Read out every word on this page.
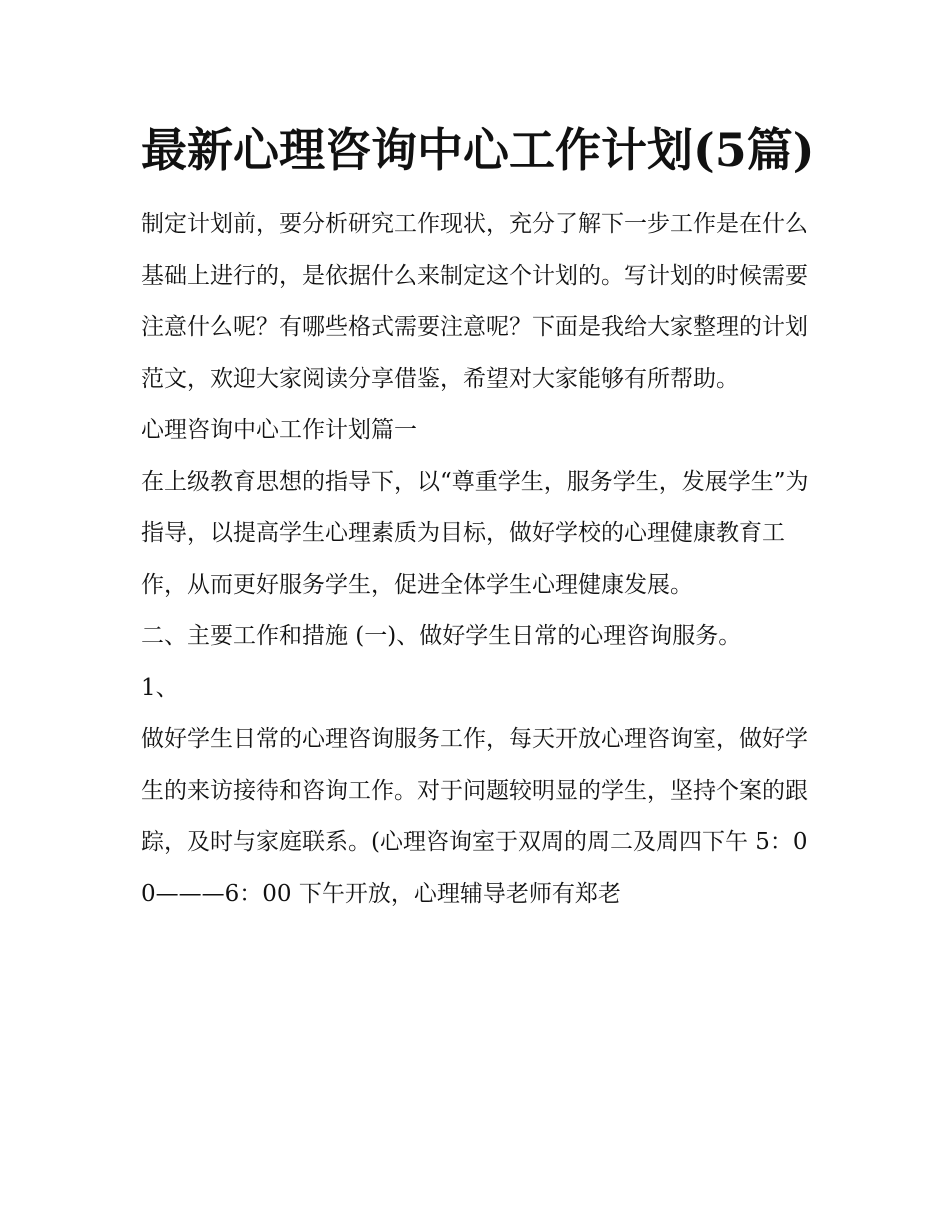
最新心理咨询中心工作计划(5篇)

制定计划前，要分析研究工作现状，充分了解下一步工作是在什么基础上进行的，是依据什么来制定这个计划的。写计划的时候需要注意什么呢？有哪些格式需要注意呢？下面是我给大家整理的计划范文，欢迎大家阅读分享借鉴，希望对大家能够有所帮助。

心理咨询中心工作计划篇一

在上级教育思想的指导下，以“尊重学生，服务学生，发展学生”为指导，以提高学生心理素质为目标，做好学校的心理健康教育工作，从而更好服务学生，促进全体学生心理健康发展。

二、主要工作和措施 (一)、做好学生日常的心理咨询服务。

1、

做好学生日常的心理咨询服务工作，每天开放心理咨询室，做好学生的来访接待和咨询工作。对于问题较明显的学生，坚持个案的跟踪，及时与家庭联系。(心理咨询室于双周的周二及周四下午 5：00———6：00 下午开放，心理辅导老师有郑老
